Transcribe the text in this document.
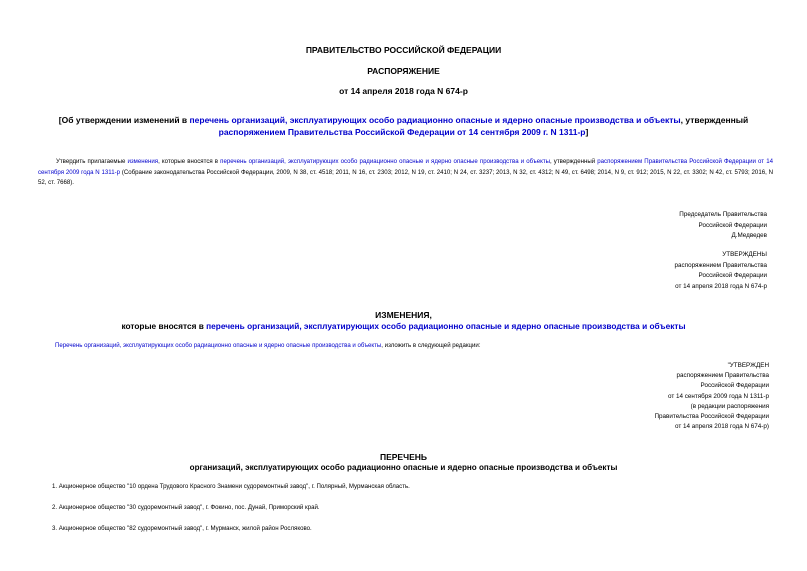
ПРАВИТЕЛЬСТВО РОССИЙСКОЙ ФЕДЕРАЦИИ
РАСПОРЯЖЕНИЕ
от 14 апреля 2018 года N 674-р
[Об утверждении изменений в перечень организаций, эксплуатирующих особо радиационно опасные и ядерно опасные производства и объекты, утвержденный
распоряжением Правительства Российской Федерации от 14 сентября 2009 г. N 1311-р]
Утвердить прилагаемые изменения, которые вносятся в перечень организаций, эксплуатирующих особо радиационно опасные и ядерно опасные производства и объекты, утвержденный распоряжением Правительства Российской Федерации от 14 сентября 2009 года N 1311-р (Собрание законодательства Российской Федерации, 2009, N 38, ст. 4518; 2011, N 16, ст. 2303; 2012, N 19, ст. 2410; N 24, ст. 3237; 2013, N 32, ст. 4312; N 49, ст. 6498; 2014, N 9, ст. 912; 2015, N 22, ст. 3302; N 42, ст. 5793; 2016, N 52, ст. 7668).
Председатель Правительства
Российской Федерации
Д.Медведев
УТВЕРЖДЕНЫ
распоряжением Правительства
Российской Федерации
от 14 апреля 2018 года N 674-р
ИЗМЕНЕНИЯ,
которые вносятся в перечень организаций, эксплуатирующих особо радиационно опасные и ядерно опасные производства и объекты
Перечень организаций, эксплуатирующих особо радиационно опасные и ядерно опасные производства и объекты, изложить в следующей редакции:
"УТВЕРЖДЕН
распоряжением Правительства
Российской Федерации
от 14 сентября 2009 года N 1311-р
(в редакции распоряжения
Правительства Российской Федерации
от 14 апреля 2018 года N 674-р)
ПЕРЕЧЕНЬ
организаций, эксплуатирующих особо радиационно опасные и ядерно опасные производства и объекты
1. Акционерное общество "10 ордена Трудового Красного Знамени судоремонтный завод", г. Полярный, Мурманская область.
2. Акционерное общество "30 судоремонтный завод", г. Фокино, пос. Дунай, Приморский край.
3. Акционерное общество "82 судоремонтный завод", г. Мурманск, жилой район Росляково.
